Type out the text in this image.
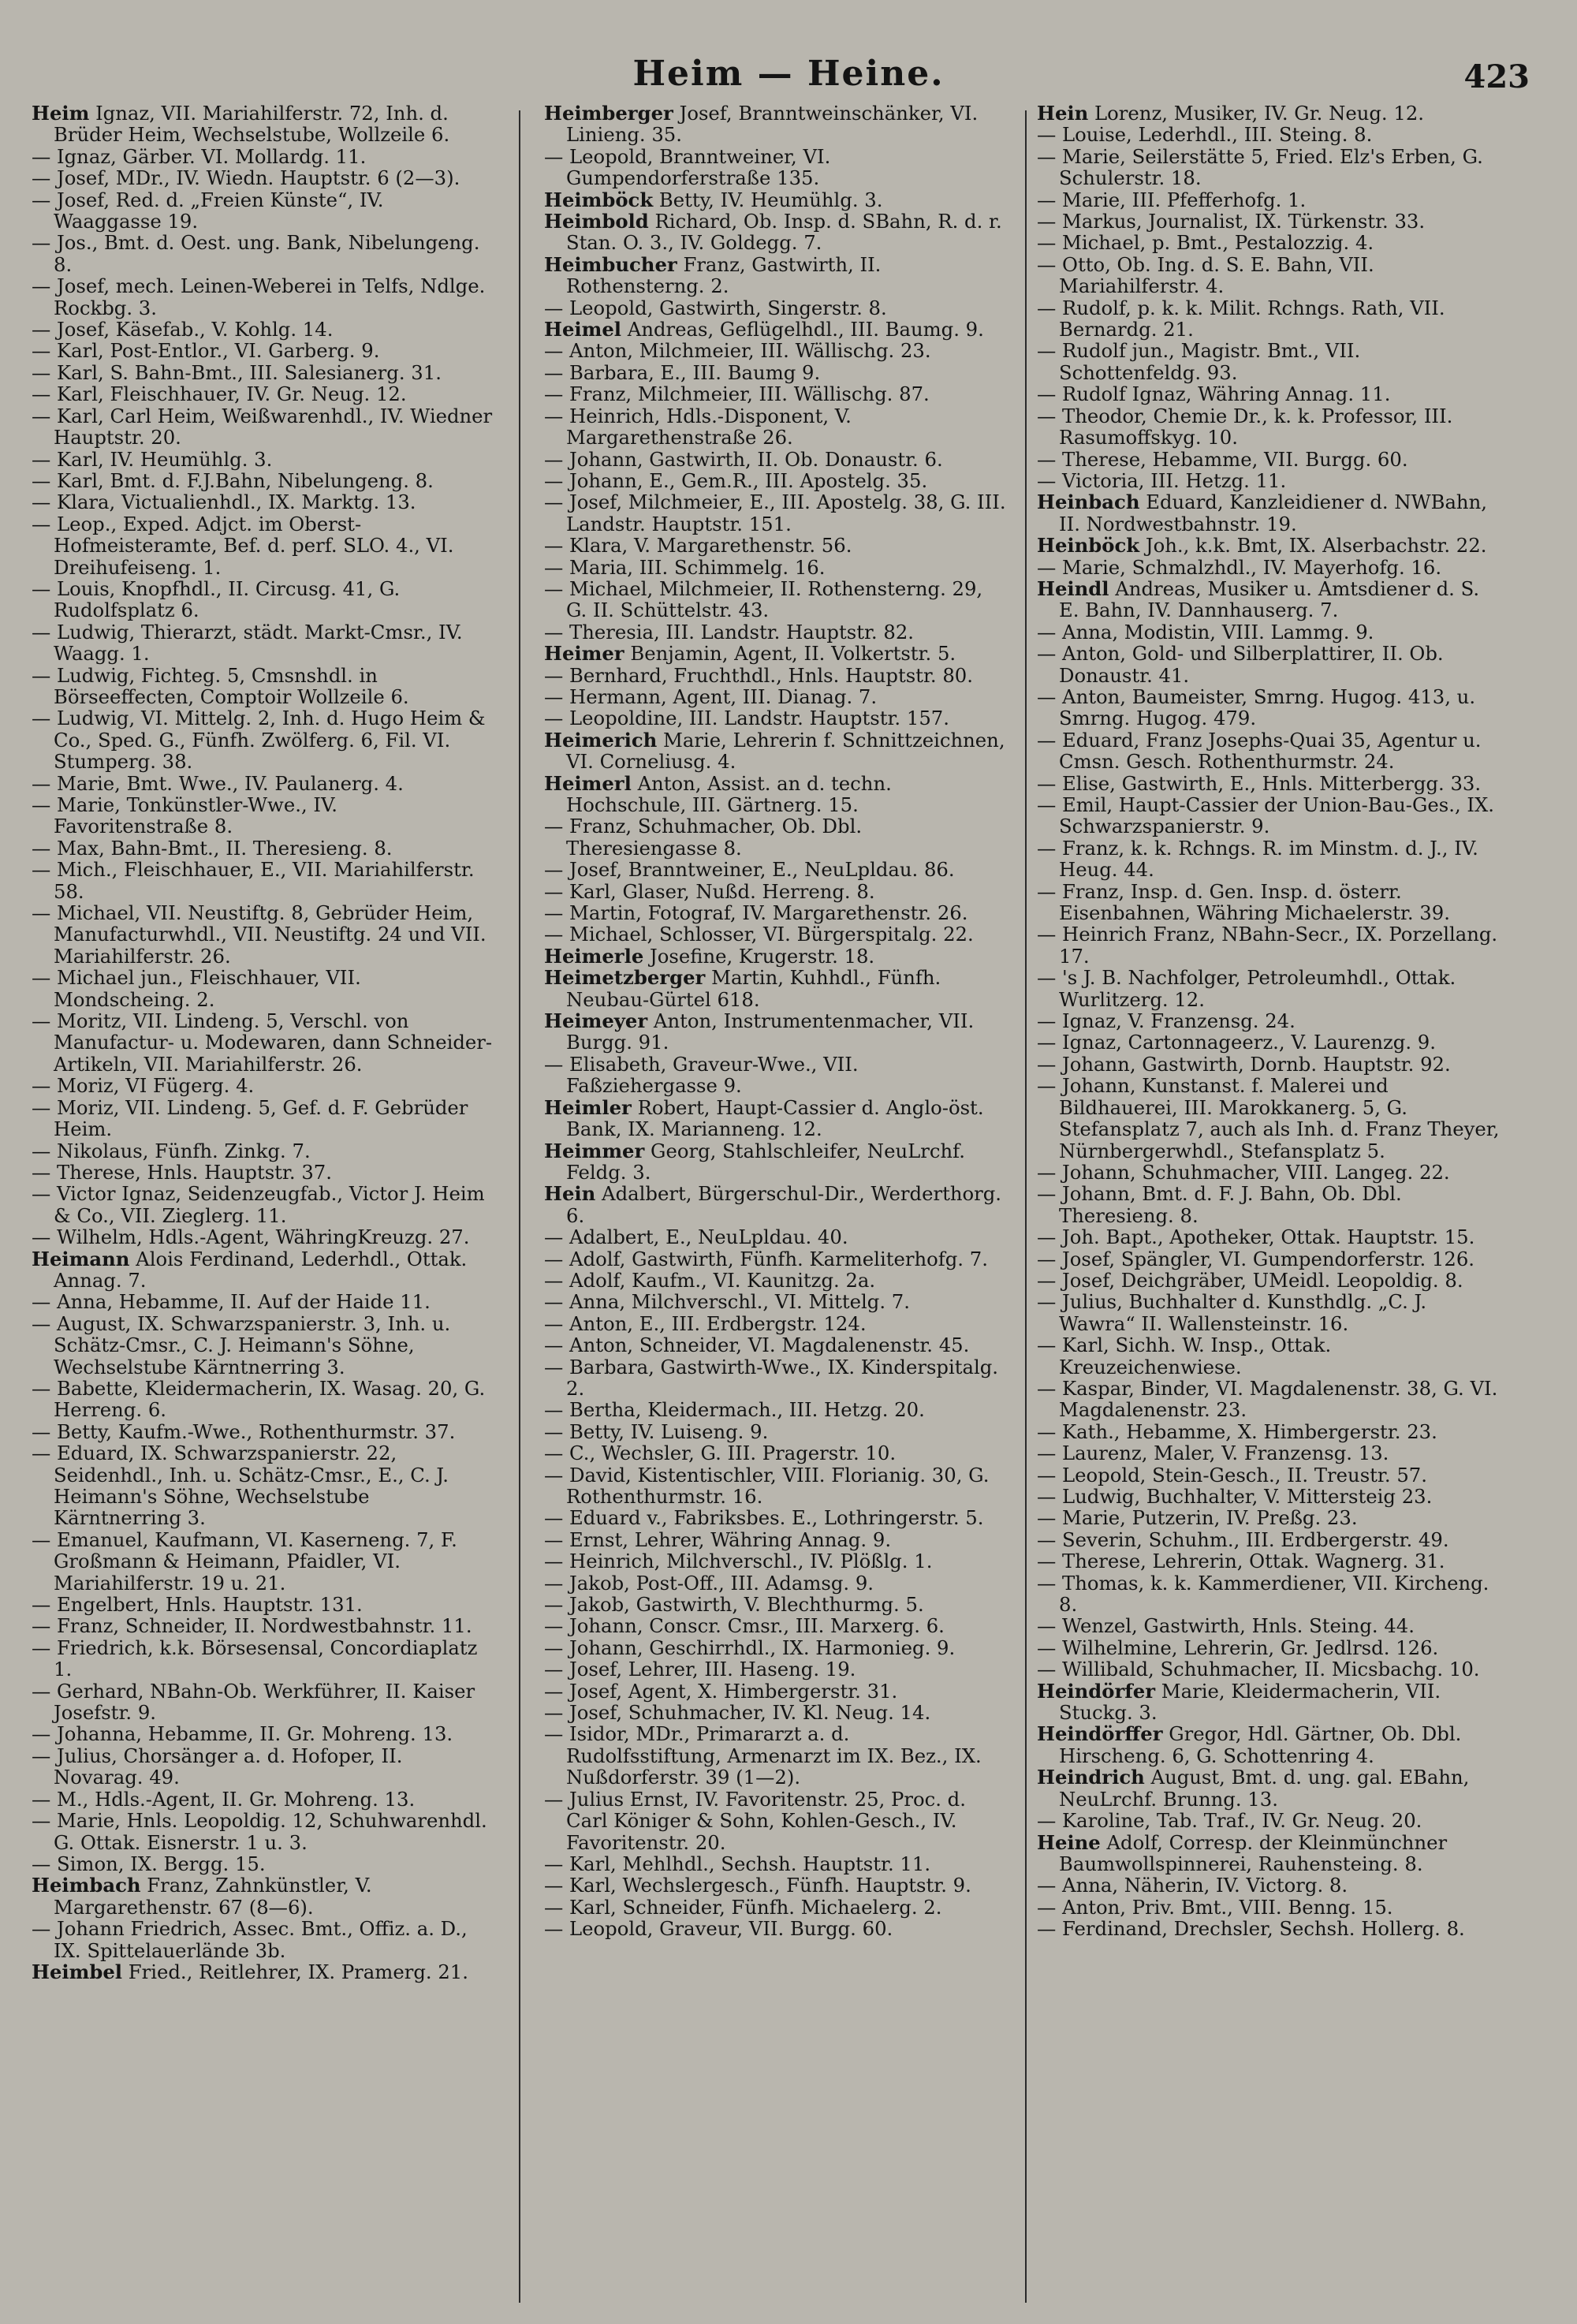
Heim — Heine.	423

Heim Ignaz, VII. Mariahilferstr. 72, Inh. d. Brüder Heim, Wechselstube, Wollzeile 6.

— Ignaz, Gärber. VI. Mollardg. 11.

— Josef, MDr., IV. Wiedn. Hauptstr. 6 (2—3).

— Josef, Red. d. „Freien Künste“, IV. Waaggasse 19.

— Jos., Bmt. d. Oest. ung. Bank, Nibelungeng. 8.

— Josef, mech. Leinen-Weberei in Telfs, Ndlge. Rockbg. 3.

— Josef, Käsefab., V. Kohlg. 14.

— Karl, Post-Entlor., VI. Garberg. 9.

— Karl, S. Bahn-Bmt., III. Salesianerg. 31.

— Karl, Fleischhauer, IV. Gr. Neug. 12.

— Karl, Carl Heim, Weißwarenhdl., IV. Wiedner Hauptstr. 20.

— Karl, IV. Heumühlg. 3.

— Karl, Bmt. d. F.J.Bahn, Nibelungeng. 8.

— Klara, Victualienhdl., IX. Marktg. 13.

— Leop., Exped. Adjct. im Oberst-Hofmeisteramte, Bef. d. perf. SLO. 4., VI. Dreihufeiseng. 1.

— Louis, Knopfhdl., II. Circusg. 41, G. Rudolfsplatz 6.

— Ludwig, Thierarzt, städt. Markt-Cmsr., IV. Waagg. 1.

— Ludwig, Fichteg. 5, Cmsnshdl. in Börseeffecten, Comptoir Wollzeile 6.

— Ludwig, VI. Mittelg. 2, Inh. d. Hugo Heim & Co., Sped. G., Fünfh. Zwölferg. 6, Fil. VI. Stumperg. 38.

— Marie, Bmt. Wwe., IV. Paulanerg. 4.

— Marie, Tonkünstler-Wwe., IV. Favoritenstraße 8.

— Max, Bahn-Bmt., II. Theresieng. 8.

— Mich., Fleischhauer, E., VII. Mariahilferstr. 58.

— Michael, VII. Neustiftg. 8, Gebrüder Heim, Manufacturwhdl., VII. Neustiftg. 24 und VII. Mariahilferstr. 26.

— Michael jun., Fleischhauer, VII. Mondscheing. 2.

— Moritz, VII. Lindeng. 5, Verschl. von Manufactur- u. Modewaren, dann Schneider-Artikeln, VII. Mariahilferstr. 26.

— Moriz, VI Fügerg. 4.

— Moriz, VII. Lindeng. 5, Gef. d. F. Gebrüder Heim.

— Nikolaus, Fünfh. Zinkg. 7.

— Therese, Hnls. Hauptstr. 37.

— Victor Ignaz, Seidenzeugfab., Victor J. Heim & Co., VII. Zieglerg. 11.

— Wilhelm, Hdls.-Agent, WähringKreuzg. 27.

Heimann Alois Ferdinand, Lederhdl., Ottak. Annag. 7.

— Anna, Hebamme, II. Auf der Haide 11.

— August, IX. Schwarzspanierstr. 3, Inh. u. Schätz-Cmsr., C. J. Heimann's Söhne, Wechselstube Kärntnerring 3.

— Babette, Kleidermacherin, IX. Wasag. 20, G. Herreng. 6.

— Betty, Kaufm.-Wwe., Rothenthurmstr. 37.

— Eduard, IX. Schwarzspanierstr. 22, Seidenhdl., Inh. u. Schätz-Cmsr., E., C. J. Heimann's Söhne, Wechselstube Kärntnerring 3.

— Emanuel, Kaufmann, VI. Kaserneng. 7, F. Großmann & Heimann, Pfaidler, VI. Mariahilferstr. 19 u. 21.

— Engelbert, Hnls. Hauptstr. 131.

— Franz, Schneider, II. Nordwestbahnstr. 11.

— Friedrich, k.k. Börsesensal, Concordiaplatz 1.

— Gerhard, NBahn-Ob. Werkführer, II. Kaiser Josefstr. 9.

— Johanna, Hebamme, II. Gr. Mohreng. 13.

— Julius, Chorsänger a. d. Hofoper, II. Novarag. 49.

— M., Hdls.-Agent, II. Gr. Mohreng. 13.

— Marie, Hnls. Leopoldig. 12, Schuhwarenhdl. G. Ottak. Eisnerstr. 1 u. 3.

— Simon, IX. Bergg. 15.

Heimbach Franz, Zahnkünstler, V. Margarethenstr. 67 (8—6).

— Johann Friedrich, Assec. Bmt., Offiz. a. D., IX. Spittelauerlände 3b.

Heimbel Fried., Reitlehrer, IX. Pramerg. 21.

Heimberger Josef, Branntweinschänker, VI. Linieng. 35.

— Leopold, Branntweiner, VI. Gumpendorferstraße 135.

Heimböck Betty, IV. Heumühlg. 3.

Heimbold Richard, Ob. Insp. d. SBahn, R. d. r. Stan. O. 3., IV. Goldegg. 7.

Heimbucher Franz, Gastwirth, II. Rothensterng. 2.

— Leopold, Gastwirth, Singerstr. 8.

Heimel Andreas, Geflügelhdl., III. Baumg. 9.

— Anton, Milchmeier, III. Wällischg. 23.

— Barbara, E., III. Baumg 9.

— Franz, Milchmeier, III. Wällischg. 87.

— Heinrich, Hdls.-Disponent, V. Margarethenstraße 26.

— Johann, Gastwirth, II. Ob. Donaustr. 6.

— Johann, E., Gem.R., III. Apostelg. 35.

— Josef, Milchmeier, E., III. Apostelg. 38, G. III. Landstr. Hauptstr. 151.

— Klara, V. Margarethenstr. 56.

— Maria, III. Schimmelg. 16.

— Michael, Milchmeier, II. Rothensterng. 29, G. II. Schüttelstr. 43.

— Theresia, III. Landstr. Hauptstr. 82.

Heimer Benjamin, Agent, II. Volkertstr. 5.

— Bernhard, Fruchthdl., Hnls. Hauptstr. 80.

— Hermann, Agent, III. Dianag. 7.

— Leopoldine, III. Landstr. Hauptstr. 157.

Heimerich Marie, Lehrerin f. Schnittzeichnen, VI. Corneliusg. 4.

Heimerl Anton, Assist. an d. techn. Hochschule, III. Gärtnerg. 15.

— Franz, Schuhmacher, Ob. Dbl. Theresiengasse 8.

— Josef, Branntweiner, E., NeuLpldau. 86.

— Karl, Glaser, Nußd. Herreng. 8.

— Martin, Fotograf, IV. Margarethenstr. 26.

— Michael, Schlosser, VI. Bürgerspitalg. 22.

Heimerle Josefine, Krugerstr. 18.

Heimetzberger Martin, Kuhhdl., Fünfh. Neubau-Gürtel 618.

Heimeyer Anton, Instrumentenmacher, VII. Burgg. 91.

— Elisabeth, Graveur-Wwe., VII. Faßziehergasse 9.

Heimler Robert, Haupt-Cassier d. Anglo-öst. Bank, IX. Marianneng. 12.

Heimmer Georg, Stahlschleifer, NeuLrchf. Feldg. 3.

Hein Adalbert, Bürgerschul-Dir., Werderthorg. 6.

— Adalbert, E., NeuLpldau. 40.

— Adolf, Gastwirth, Fünfh. Karmeliterhofg. 7.

— Adolf, Kaufm., VI. Kaunitzg. 2a.

— Anna, Milchverschl., VI. Mittelg. 7.

— Anton, E., III. Erdbergstr. 124.

— Anton, Schneider, VI. Magdalenenstr. 45.

— Barbara, Gastwirth-Wwe., IX. Kinderspitalg. 2.

— Bertha, Kleidermach., III. Hetzg. 20.

— Betty, IV. Luiseng. 9.

— C., Wechsler, G. III. Pragerstr. 10.

— David, Kistentischler, VIII. Florianig. 30, G. Rothenthurmstr. 16.

— Eduard v., Fabriksbes. E., Lothringerstr. 5.

— Ernst, Lehrer, Währing Annag. 9.

— Heinrich, Milchverschl., IV. Plößlg. 1.

— Jakob, Post-Off., III. Adamsg. 9.

— Jakob, Gastwirth, V. Blechthurmg. 5.

— Johann, Conscr. Cmsr., III. Marxerg. 6.

— Johann, Geschirrhdl., IX. Harmonieg. 9.

— Josef, Lehrer, III. Haseng. 19.

— Josef, Agent, X. Himbergerstr. 31.

— Josef, Schuhmacher, IV. Kl. Neug. 14.

— Isidor, MDr., Primararzt a. d. Rudolfsstiftung, Armenarzt im IX. Bez., IX. Nußdorferstr. 39 (1—2).

— Julius Ernst, IV. Favoritenstr. 25, Proc. d. Carl Königer & Sohn, Kohlen-Gesch., IV. Favoritenstr. 20.

— Karl, Mehlhdl., Sechsh. Hauptstr. 11.

— Karl, Wechslergesch., Fünfh. Hauptstr. 9.

— Karl, Schneider, Fünfh. Michaelerg. 2.

— Leopold, Graveur, VII. Burgg. 60.

Hein Lorenz, Musiker, IV. Gr. Neug. 12.

— Louise, Lederhdl., III. Steing. 8.

— Marie, Seilerstätte 5, Fried. Elz's Erben, G. Schulerstr. 18.

— Marie, III. Pfefferhofg. 1.

— Markus, Journalist, IX. Türkenstr. 33.

— Michael, p. Bmt., Pestalozzig. 4.

— Otto, Ob. Ing. d. S. E. Bahn, VII. Mariahilferstr. 4.

— Rudolf, p. k. k. Milit. Rchngs. Rath, VII. Bernardg. 21.

— Rudolf jun., Magistr. Bmt., VII. Schottenfeldg. 93.

— Rudolf Ignaz, Währing Annag. 11.

— Theodor, Chemie Dr., k. k. Professor, III. Rasumoffskyg. 10.

— Therese, Hebamme, VII. Burgg. 60.

— Victoria, III. Hetzg. 11.

Heinbach Eduard, Kanzleidiener d. NWBahn, II. Nordwestbahnstr. 19.

Heinböck Joh., k.k. Bmt, IX. Alserbachstr. 22.

— Marie, Schmalzhdl., IV. Mayerhofg. 16.

Heindl Andreas, Musiker u. Amtsdiener d. S. E. Bahn, IV. Dannhauserg. 7.

— Anna, Modistin, VIII. Lammg. 9.

— Anton, Gold- und Silberplattirer, II. Ob. Donaustr. 41.

— Anton, Baumeister, Smrng. Hugog. 413, u. Smrng. Hugog. 479.

— Eduard, Franz Josephs-Quai 35, Agentur u. Cmsn. Gesch. Rothenthurmstr. 24.

— Elise, Gastwirth, E., Hnls. Mitterbergg. 33.

— Emil, Haupt-Cassier der Union-Bau-Ges., IX. Schwarzspanierstr. 9.

— Franz, k. k. Rchngs. R. im Minstm. d. J., IV. Heug. 44.

— Franz, Insp. d. Gen. Insp. d. österr. Eisenbahnen, Währing Michaelerstr. 39.

— Heinrich Franz, NBahn-Secr., IX. Porzellang. 17.

— 's J. B. Nachfolger, Petroleumhdl., Ottak. Wurlitzerg. 12.

— Ignaz, V. Franzensg. 24.

— Ignaz, Cartonnageerz., V. Laurenzg. 9.

— Johann, Gastwirth, Dornb. Hauptstr. 92.

— Johann, Kunstanst. f. Malerei und Bildhauerei, III. Marokkanerg. 5, G. Stefansplatz 7, auch als Inh. d. Franz Theyer, Nürnbergerwhdl., Stefansplatz 5.

— Johann, Schuhmacher, VIII. Langeg. 22.

— Johann, Bmt. d. F. J. Bahn, Ob. Dbl. Theresieng. 8.

— Joh. Bapt., Apotheker, Ottak. Hauptstr. 15.

— Josef, Spängler, VI. Gumpendorferstr. 126.

— Josef, Deichgräber, UMeidl. Leopoldig. 8.

— Julius, Buchhalter d. Kunsthdlg. „C. J. Wawra“ II. Wallensteinstr. 16.

— Karl, Sichh. W. Insp., Ottak. Kreuzeichenwiese.

— Kaspar, Binder, VI. Magdalenenstr. 38, G. VI. Magdalenenstr. 23.

— Kath., Hebamme, X. Himbergerstr. 23.

— Laurenz, Maler, V. Franzensg. 13.

— Leopold, Stein-Gesch., II. Treustr. 57.

— Ludwig, Buchhalter, V. Mittersteig 23.

— Marie, Putzerin, IV. Preßg. 23.

— Severin, Schuhm., III. Erdbergerstr. 49.

— Therese, Lehrerin, Ottak. Wagnerg. 31.

— Thomas, k. k. Kammerdiener, VII. Kircheng. 8.

— Wenzel, Gastwirth, Hnls. Steing. 44.

— Wilhelmine, Lehrerin, Gr. Jedlrsd. 126.

— Willibald, Schuhmacher, II. Micsbachg. 10.

Heindörfer Marie, Kleidermacherin, VII. Stuckg. 3.

Heindörffer Gregor, Hdl. Gärtner, Ob. Dbl. Hirscheng. 6, G. Schottenring 4.

Heindrich August, Bmt. d. ung. gal. EBahn, NeuLrchf. Brunng. 13.

— Karoline, Tab. Traf., IV. Gr. Neug. 20.

Heine Adolf, Corresp. der Kleinmünchner Baumwollspinnerei, Rauhensteing. 8.

— Anna, Näherin, IV. Victorg. 8.

— Anton, Priv. Bmt., VIII. Benng. 15.

— Ferdinand, Drechsler, Sechsh. Hollerg. 8.
